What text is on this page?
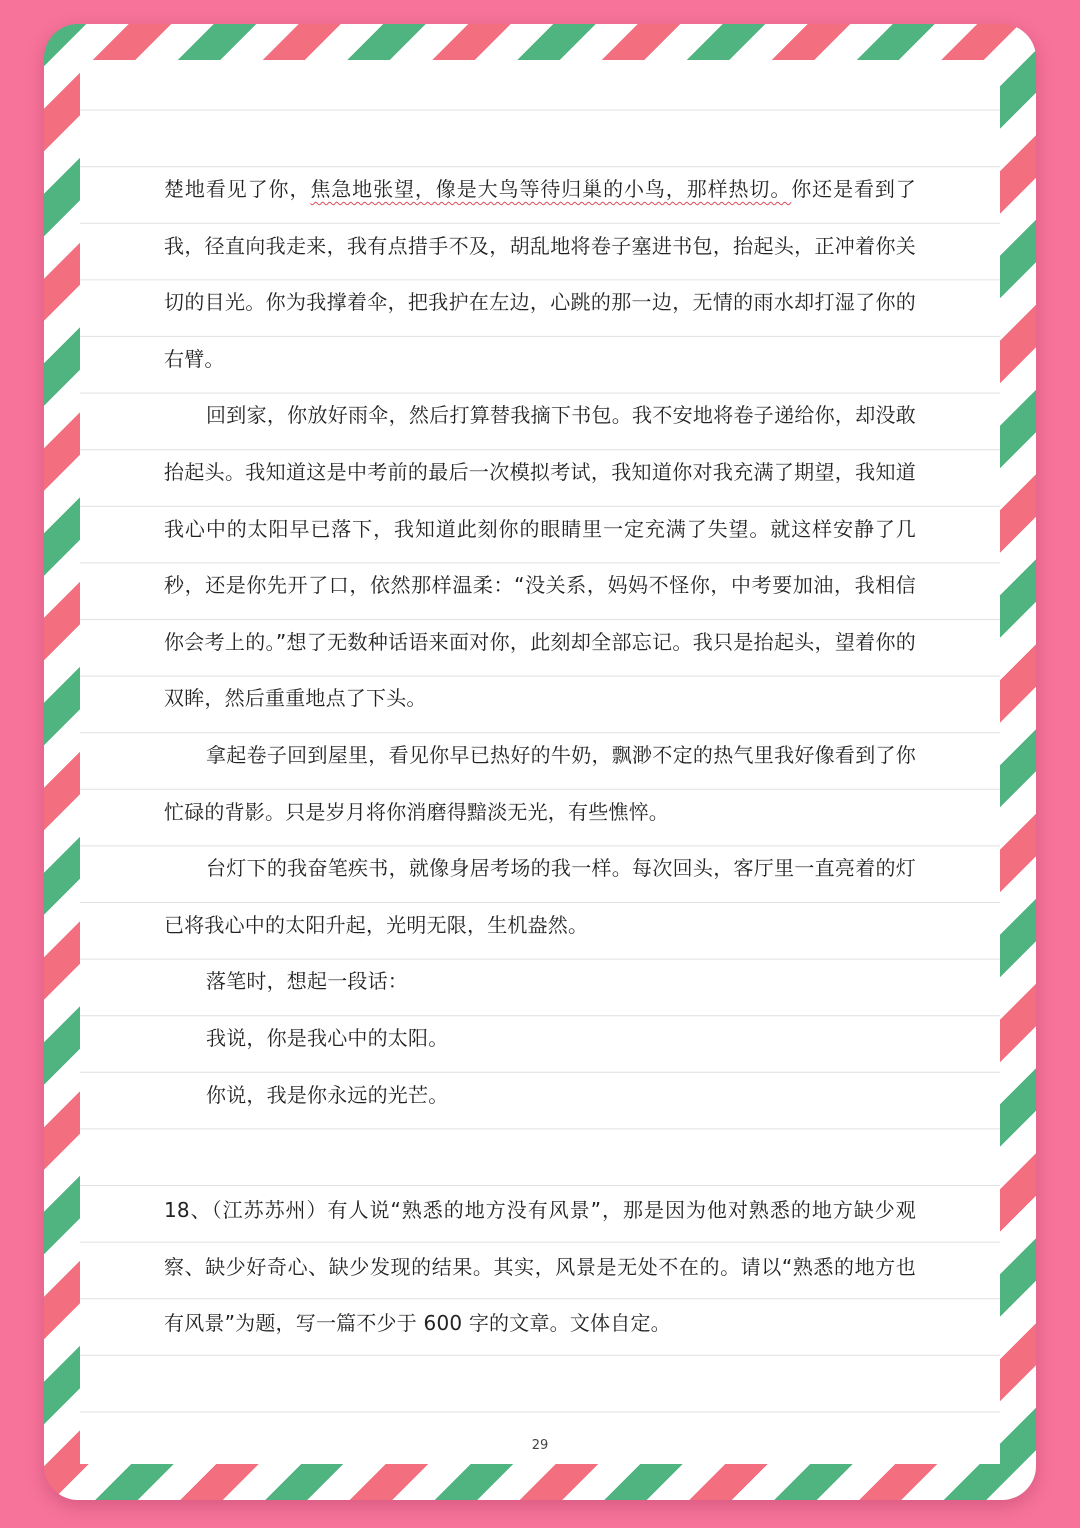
楚地看见了你，焦急地张望，像是大鸟等待归巢的小鸟，那样热切。你还是看到了我，径直向我走来，我有点措手不及，胡乱地将卷子塞进书包，抬起头，正冲着你关切的目光。你为我撑着伞，把我护在左边，心跳的那一边，无情的雨水却打湿了你的右臂。

回到家，你放好雨伞，然后打算替我摘下书包。我不安地将卷子递给你，却没敢抬起头。我知道这是中考前的最后一次模拟考试，我知道你对我充满了期望，我知道我心中的太阳早已落下，我知道此刻你的眼睛里一定充满了失望。就这样安静了几秒，还是你先开了口，依然那样温柔：“没关系，妈妈不怪你，中考要加油，我相信你会考上的。”想了无数种话语来面对你，此刻却全部忘记。我只是抬起头，望着你的双眸，然后重重地点了下头。

拿起卷子回到屋里，看见你早已热好的牛奶，飘渺不定的热气里我好像看到了你忙碌的背影。只是岁月将你消磨得黯淡无光，有些憔悴。

台灯下的我奋笔疾书，就像身居考场的我一样。每次回头，客厅里一直亮着的灯已将我心中的太阳升起，光明无限，生机盎然。

落笔时，想起一段话：

我说，你是我心中的太阳。

你说，我是你永远的光芒。

18、（江苏苏州）有人说“熟悉的地方没有风景”，那是因为他对熟悉的地方缺少观察、缺少好奇心、缺少发现的结果。其实，风景是无处不在的。请以“熟悉的地方也有风景”为题，写一篇不少于 600 字的文章。文体自定。

29
